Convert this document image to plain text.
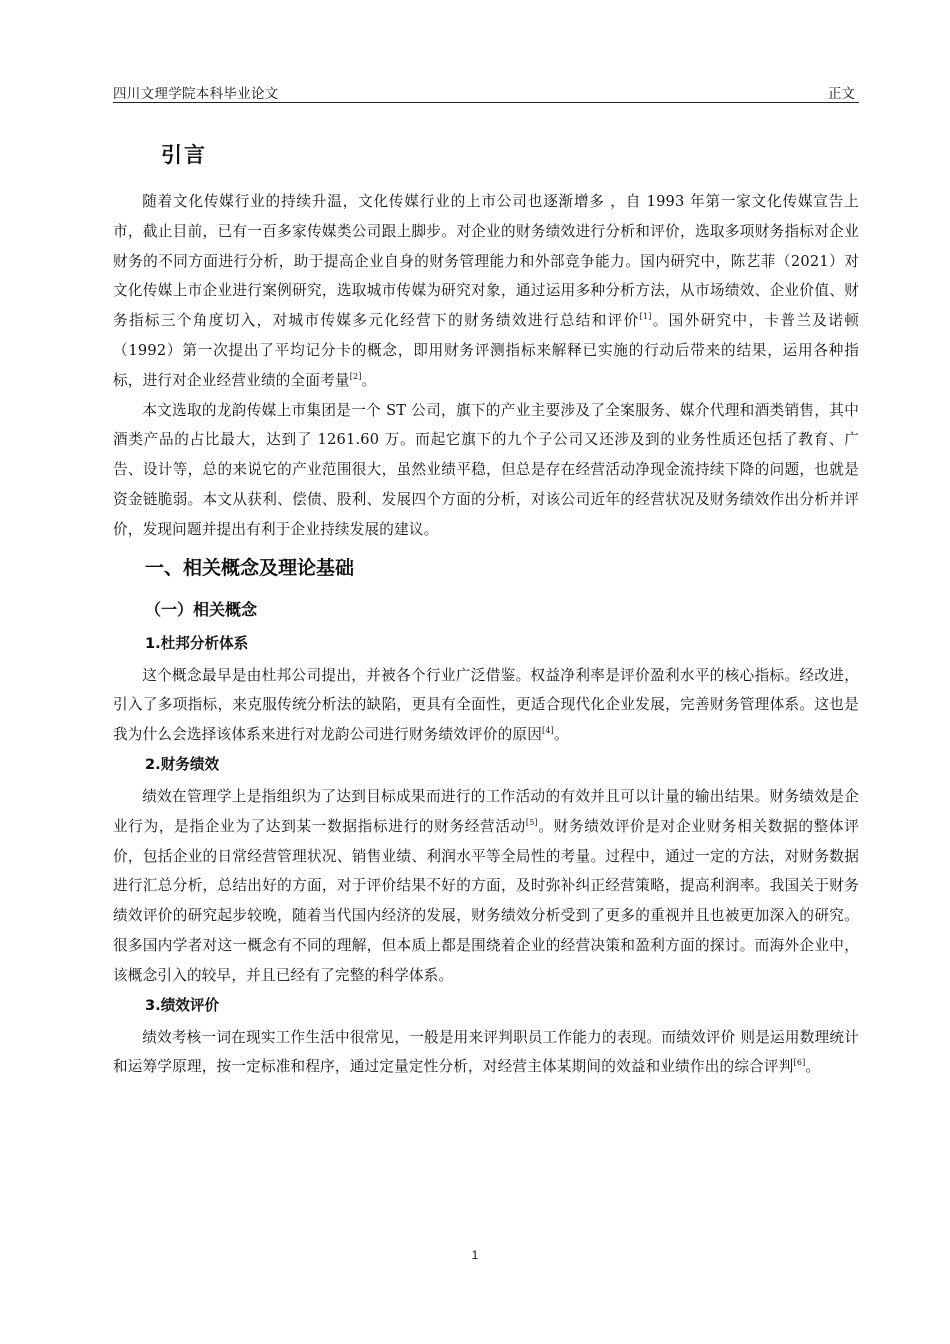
四川文理学院本科毕业论文	正文
引言

随着文化传媒行业的持续升温，文化传媒行业的上市公司也逐渐增多 ，自 1993 年第一家文化传媒宣告上市，截止目前，已有一百多家传媒类公司跟上脚步。对企业的财务绩效进行分析和评价，选取多项财务指标对企业财务的不同方面进行分析，助于提高企业自身的财务管理能力和外部竞争能力。国内研究中，陈艺菲（2021）对文化传媒上市企业进行案例研究，选取城市传媒为研究对象，通过运用多种分析方法，从市场绩效、企业价值、财务指标三个角度切入，对城市传媒多元化经营下的财务绩效进行总结和评价[1]。国外研究中，卡普兰及诺顿（1992）第一次提出了平均记分卡的概念，即用财务评测指标来解释已实施的行动后带来的结果，运用各种指标，进行对企业经营业绩的全面考量[2]。

本文选取的龙韵传媒上市集团是一个 ST 公司，旗下的产业主要涉及了全案服务、媒介代理和酒类销售，其中酒类产品的占比最大，达到了 1261.60 万。而起它旗下的九个子公司又还涉及到的业务性质还包括了教育、广告、设计等，总的来说它的产业范围很大，虽然业绩平稳，但总是存在经营活动净现金流持续下降的问题，也就是资金链脆弱。本文从获利、偿债、股利、发展四个方面的分析，对该公司近年的经营状况及财务绩效作出分析并评价，发现问题并提出有利于企业持续发展的建议。

一、相关概念及理论基础
（一）相关概念
1.杜邦分析体系

这个概念最早是由杜邦公司提出，并被各个行业广泛借鉴。权益净利率是评价盈利水平的核心指标。经改进，引入了多项指标，来克服传统分析法的缺陷，更具有全面性，更适合现代化企业发展，完善财务管理体系。这也是我为什么会选择该体系来进行对龙韵公司进行财务绩效评价的原因[4]。

2.财务绩效

绩效在管理学上是指组织为了达到目标成果而进行的工作活动的有效并且可以计量的输出结果。财务绩效是企业行为，是指企业为了达到某一数据指标进行的财务经营活动[5]。财务绩效评价是对企业财务相关数据的整体评价，包括企业的日常经营管理状况、销售业绩、利润水平等全局性的考量。过程中，通过一定的方法，对财务数据进行汇总分析，总结出好的方面，对于评价结果不好的方面，及时弥补纠正经营策略，提高利润率。我国关于财务绩效评价的研究起步较晚，随着当代国内经济的发展，财务绩效分析受到了更多的重视并且也被更加深入的研究。很多国内学者对这一概念有不同的理解，但本质上都是围绕着企业的经营决策和盈利方面的探讨。而海外企业中，该概念引入的较早，并且已经有了完整的科学体系。

3.绩效评价

绩效考核一词在现实工作生活中很常见，一般是用来评判职员工作能力的表现。而绩效评价 则是运用数理统计和运筹学原理，按一定标准和程序，通过定量定性分析，对经营主体某期间的效益和业绩作出的综合评判[6]。

1
